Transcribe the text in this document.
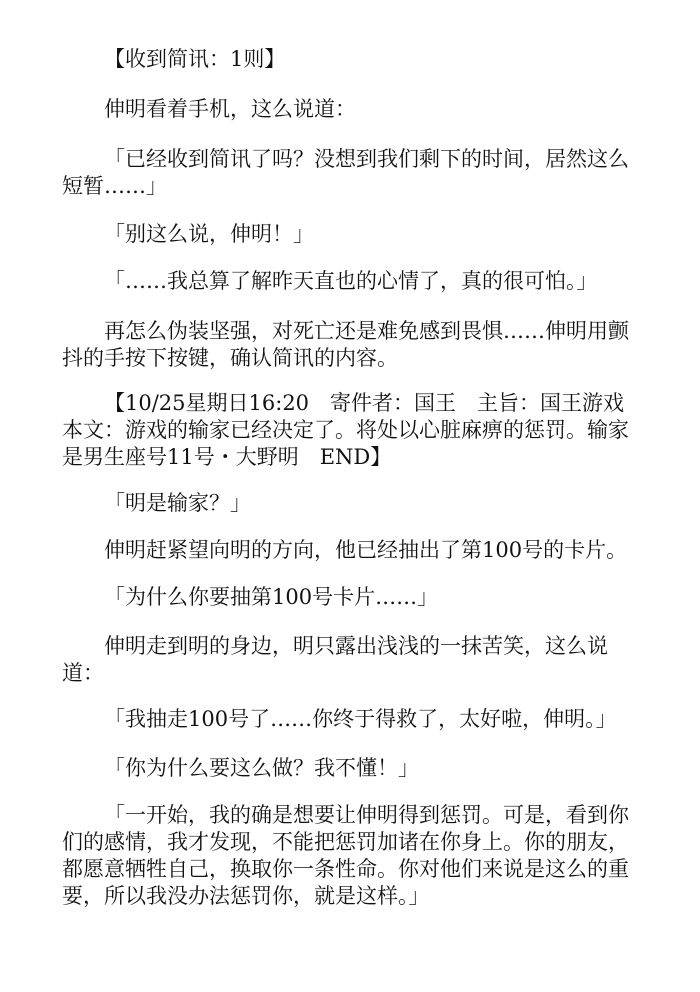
【收到简讯：1则】

伸明看着手机，这么说道：

「已经收到简讯了吗？没想到我们剩下的时间，居然这么短暂……」

「别这么说，伸明！」

「……我总算了解昨天直也的心情了，真的很可怕。」

再怎么伪装坚强，对死亡还是难免感到畏惧……伸明用颤抖的手按下按键，确认简讯的内容。

【10/25星期日16:20　寄件者：国王　主旨：国王游戏　本文：游戏的输家已经决定了。将处以心脏麻痹的惩罚。输家是男生座号11号・大野明　END】

「明是输家？」

伸明赶紧望向明的方向，他已经抽出了第100号的卡片。

「为什么你要抽第100号卡片……」

伸明走到明的身边，明只露出浅浅的一抹苦笑，这么说道：

「我抽走100号了……你终于得救了，太好啦，伸明。」

「你为什么要这么做？我不懂！」

「一开始，我的确是想要让伸明得到惩罚。可是，看到你们的感情，我才发现，不能把惩罚加诸在你身上。你的朋友，都愿意牺牲自己，换取你一条性命。你对他们来说是这么的重要，所以我没办法惩罚你，就是这样。」
